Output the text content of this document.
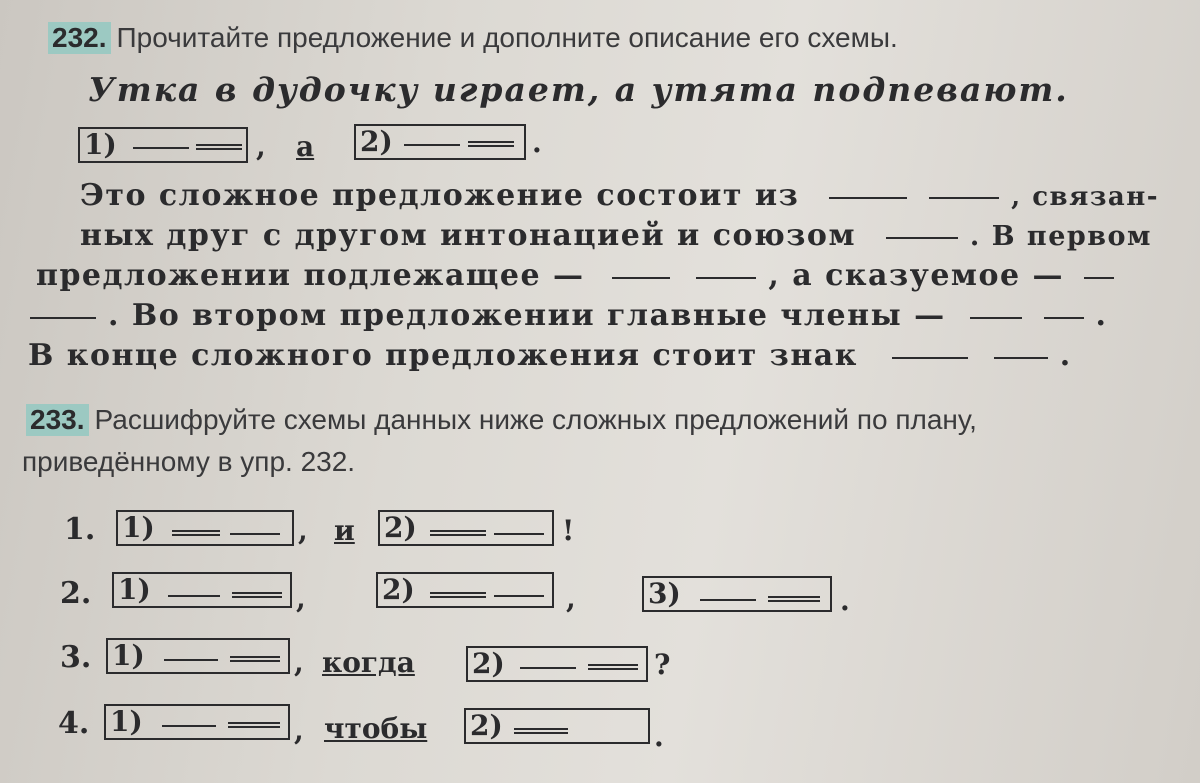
232. Прочитайте предложение и дополните описание его схемы.
Утка в дудочку играет, а утята подпевают.
1)	, а 2)	.
Это сложное предложение состоит из	, связан-
ных друг с другом интонацией и союзом	. В первом
предложении подлежащее —	, а сказуемое —
. Во втором предложении главные члены —	.
В конце сложного предложения стоит знак	.
233. Расшифруйте схемы данных ниже сложных предложений по плану,
приведённому в упр. 232.
1. 1)	, и 2)	!
2. 1)	,	2)	,	3)	.
3. 1)	, когда 2)	?
4. 1)	, чтобы 2)	.
